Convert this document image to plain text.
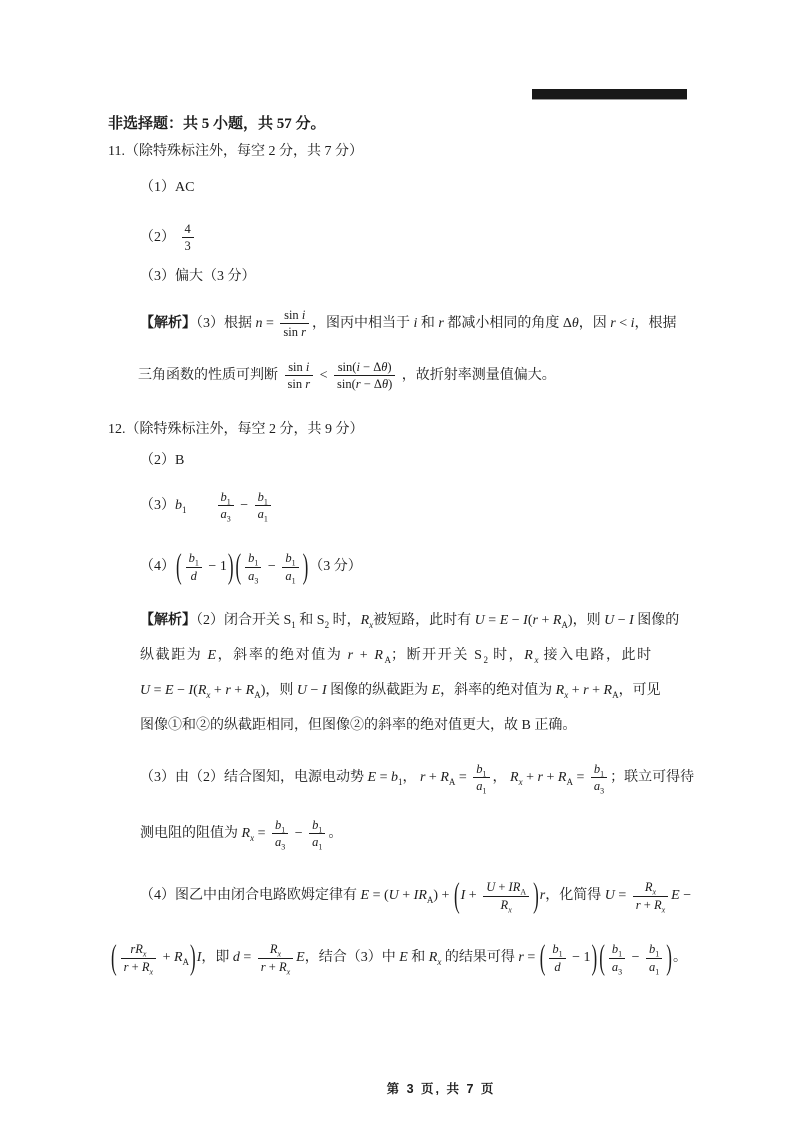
非选择题：共 5 小题，共 57 分。
11.（除特殊标注外，每空 2 分，共 7 分）
（1）AC
$(2) \frac{4}{3}$
（3）偏大（3 分）
【解析】（3）根据 $n = \frac{\text{sin i}}{\text{sin r}}$ ，图丙中相当于 i 和 r 都减小相同的角度 Δθ，因 r < i，根据
三角函数的性质可判断 $\frac{\text{sin i}}{\text{sin r}} < \frac{\sin(i - \Delta\theta)}{\sin(r - \Delta\theta)}$ ，故折射率测量值偏大。
12.（除特殊标注外，每空 2 分，共 9 分）
（2）B
$(3)b_1$　　 $\frac{b_1}{a_3} - \frac{b_1}{a_1}$
$(4)( \frac{b_1}{d} - 1)$ ( $\frac{b_1}{a_3} - \frac{b_1}{a_1} )(3$ 分）
【解析】（2）闭合开关 $S_1$ 和 $S_2$ 时，$R_x$被短路，此时有 $U = E - I(r + R_A)$，则 U − I 图像的
纵截距为 E，斜率的绝对值为 $r + R_A$；断开开关 $S_2$ 时，$R_x$ 接入电路，此时
$U = E - I(R_x + r + R_A)$，则 U − I 图像的纵截距为 E，斜率的绝对值为 $R_x + r + R_A$，可见
图像①和②的纵截距相同，但图像②的斜率的绝对值更大，故 B 正确。
（3）由（2）结合图知，电源电动势 $E = b_1$， $r + R_A = \frac{b_1}{a_1}$ ， $R_x + r + R_A = \frac{b_1}{a_3}$ ；联立可得待
测电阻的阻值为 $R_x = \frac{b_1}{a_3} - \frac{b_1}{a_1}$ 。
（4）图乙中由闭合电路欧姆定律有 $E = (U + IR_A) + (I + \frac{U + IR_A}{R_x} )r$，化简得 $U = \frac{R_x}{r + R_x}$ E −
( $\frac{rR_x}{r + R_x} + R_A)I$，即 $d = \frac{R_x}{r + R_x}$ E，结合（3）中 E 和 $R_x$ 的结果可得 r = ( $\frac{b_1}{d} - 1$) ( $\frac{b_1}{a_3} - \frac{b_1}{a_1}$ )。
第 3 页, 共 7 页
